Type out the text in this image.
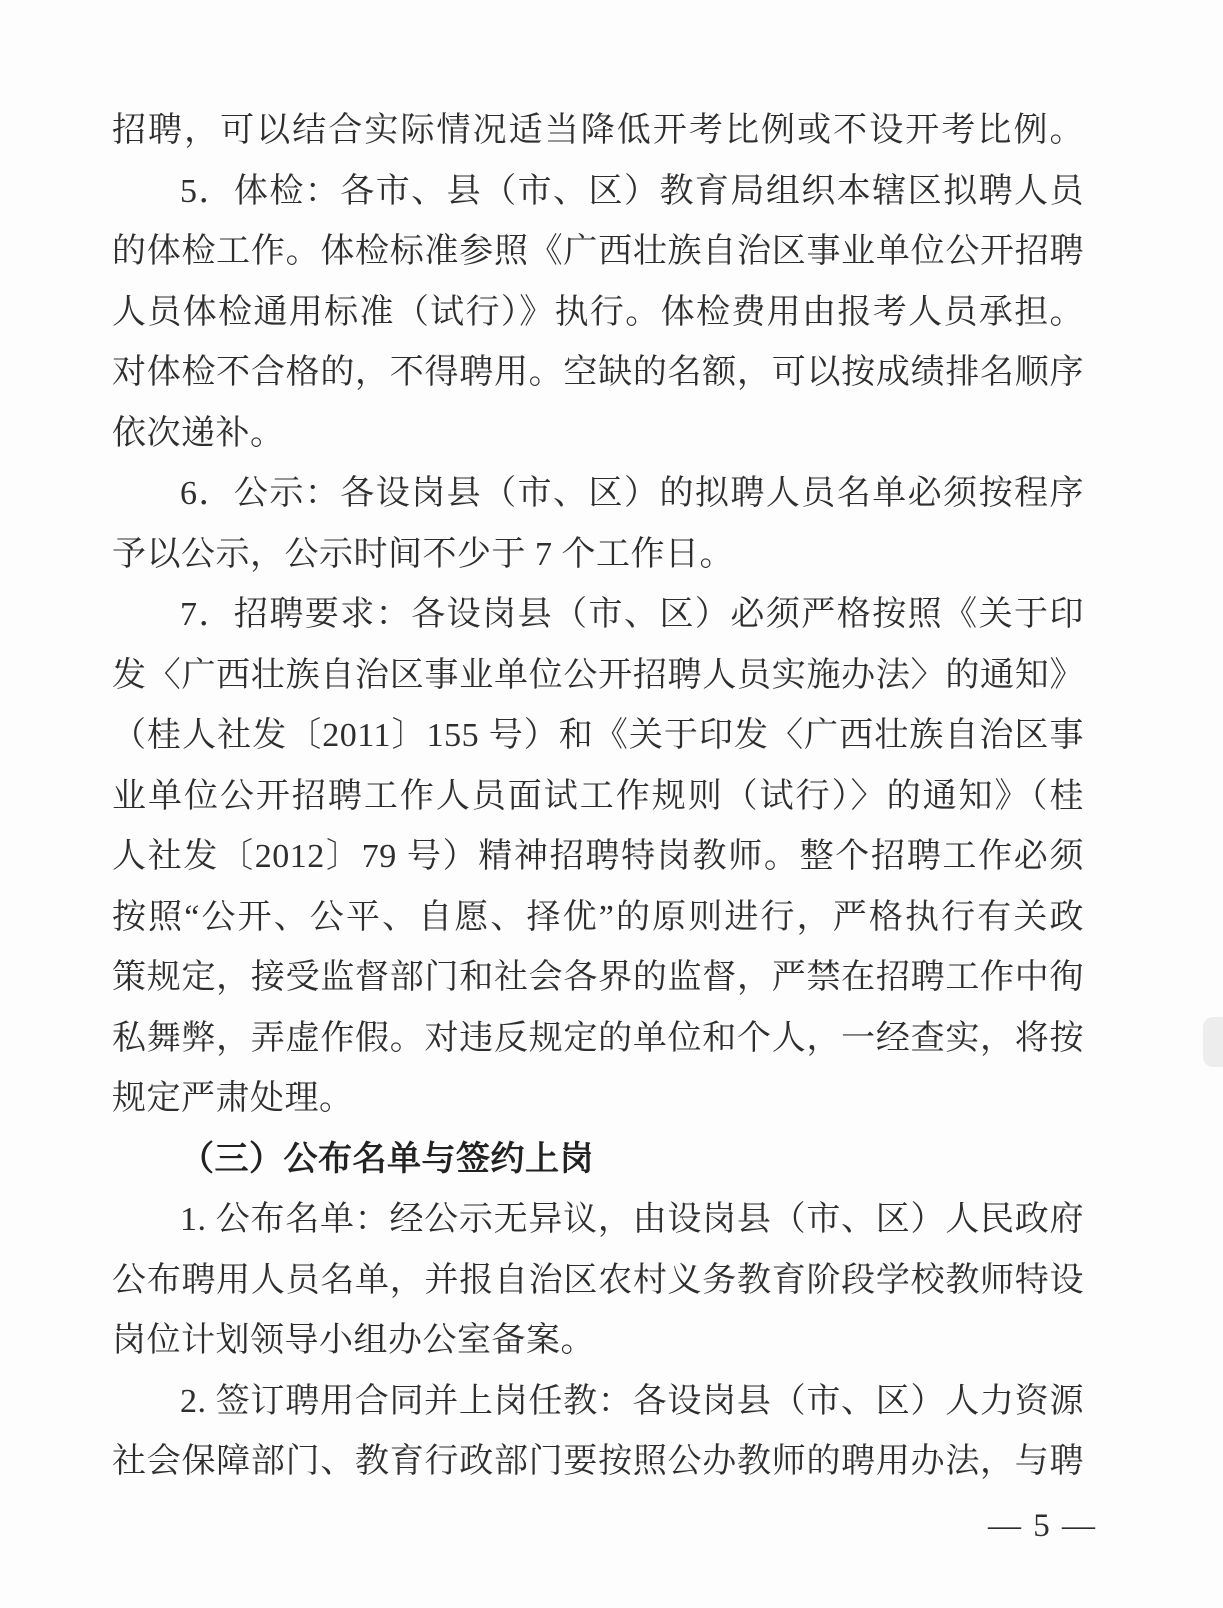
招聘，可以结合实际情况适当降低开考比例或不设开考比例。
5．体检：各市、县（市、区）教育局组织本辖区拟聘人员
的体检工作。体检标准参照《广西壮族自治区事业单位公开招聘
人员体检通用标准（试行）》执行。体检费用由报考人员承担。
对体检不合格的，不得聘用。空缺的名额，可以按成绩排名顺序
依次递补。
6．公示：各设岗县（市、区）的拟聘人员名单必须按程序
予以公示，公示时间不少于 7 个工作日。
7．招聘要求：各设岗县（市、区）必须严格按照《关于印
发〈广西壮族自治区事业单位公开招聘人员实施办法〉的通知》
（桂人社发〔2011〕155 号）和《关于印发〈广西壮族自治区事
业单位公开招聘工作人员面试工作规则（试行）〉的通知》（桂
人社发〔2012〕79 号）精神招聘特岗教师。整个招聘工作必须
按照“公开、公平、自愿、择优”的原则进行，严格执行有关政
策规定，接受监督部门和社会各界的监督，严禁在招聘工作中徇
私舞弊，弄虚作假。对违反规定的单位和个人，一经查实，将按
规定严肃处理。
（三）公布名单与签约上岗
1. 公布名单：经公示无异议，由设岗县（市、区）人民政府
公布聘用人员名单，并报自治区农村义务教育阶段学校教师特设
岗位计划领导小组办公室备案。
2. 签订聘用合同并上岗任教：各设岗县（市、区）人力资源
社会保障部门、教育行政部门要按照公办教师的聘用办法，与聘
— 5 —
